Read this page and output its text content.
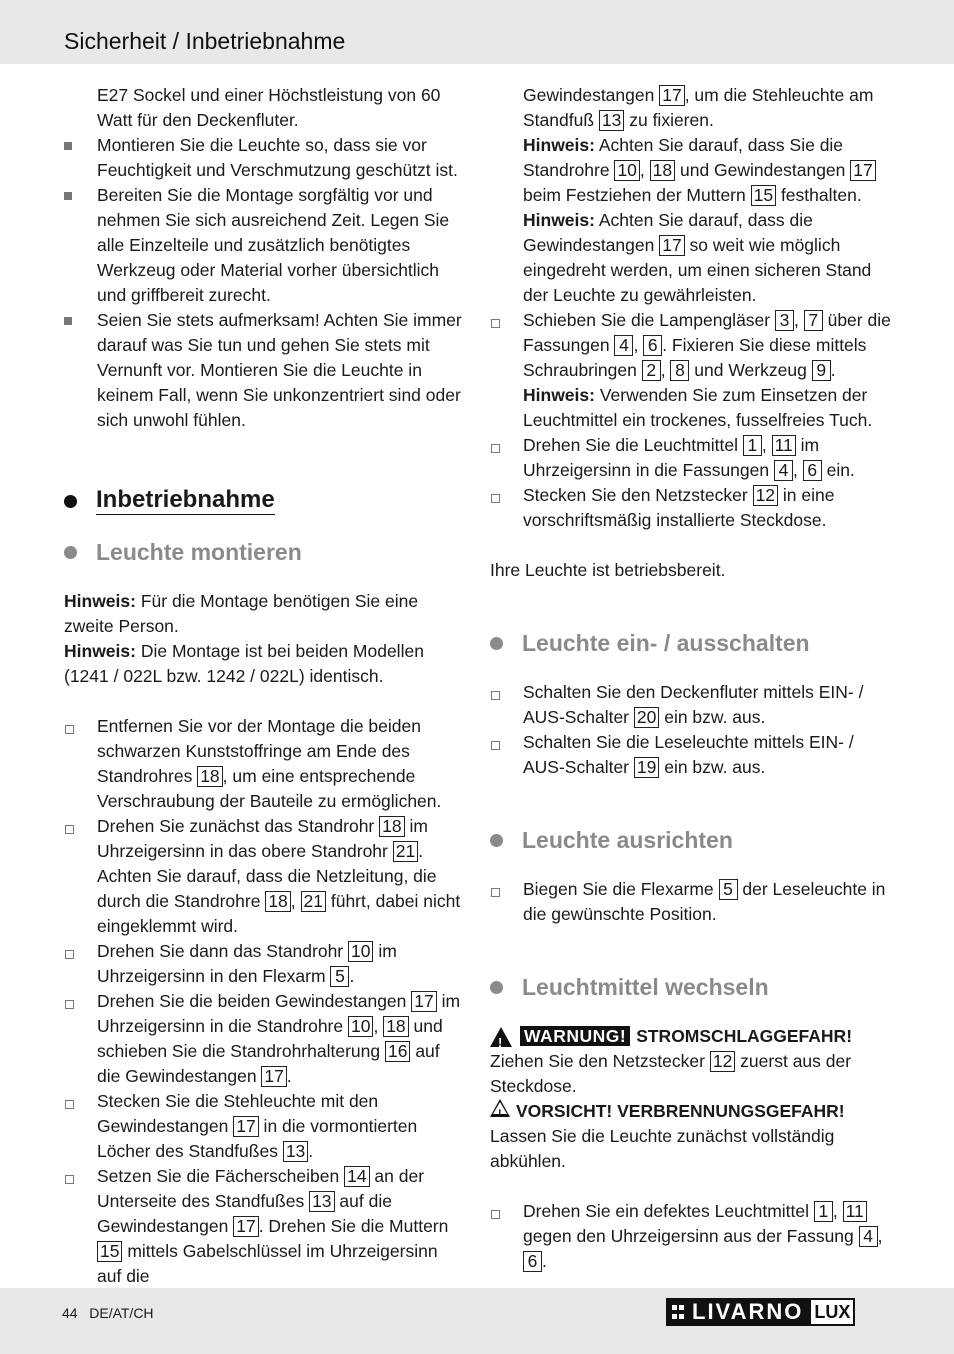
Sicherheit / Inbetriebnahme

E27 Sockel und einer Höchstleistung von 60 Watt für den Deckenfluter.

Montieren Sie die Leuchte so, dass sie vor Feuchtigkeit und Verschmutzung geschützt ist.
Bereiten Sie die Montage sorgfältig vor und nehmen Sie sich ausreichend Zeit. Legen Sie alle Einzelteile und zusätzlich benötigtes Werkzeug oder Material vorher übersichtlich und griffbereit zurecht.
Seien Sie stets aufmerksam! Achten Sie immer darauf was Sie tun und gehen Sie stets mit Vernunft vor. Montieren Sie die Leuchte in keinem Fall, wenn Sie unkonzentriert sind oder sich unwohl fühlen.
Inbetriebnahme
Leuchte montieren

Hinweis: Für die Montage benötigen Sie eine zweite Person.

Hinweis: Die Montage ist bei beiden Modellen (1241 / 022L bzw. 1242 / 022L) identisch.

Entfernen Sie vor der Montage die beiden schwarzen Kunststoffringe am Ende des Standrohres 18 , um eine entsprechende Verschraubung der Bauteile zu ermöglichen.
Drehen Sie zunächst das Standrohr 18 im Uhrzeigersinn in das obere Standrohr 21 . Achten Sie darauf, dass die Netzleitung, die durch die Standrohre 18 , 21 führt, dabei nicht eingeklemmt wird.
Drehen Sie dann das Standrohr 10 im Uhrzeigersinn in den Flexarm 5 .
Drehen Sie die beiden Gewindestangen 17 im Uhrzeigersinn in die Standrohre 10 , 18 und schieben Sie die Standrohrhalterung 16 auf die Gewindestangen 17 .
Stecken Sie die Stehleuchte mit den Gewindestangen 17 in die vormontierten Löcher des Standfußes 13 .
Setzen Sie die Fächerscheiben 14 an der Unterseite des Standfußes 13 auf die Gewindestangen 17 . Drehen Sie die Muttern 15 mittels Gabelschlüssel im Uhrzeigersinn auf die

Gewindestangen 17 , um die Stehleuchte am Standfuß 13 zu fixieren.

Hinweis: Achten Sie darauf, dass Sie die Standrohre 10 , 18 und Gewindestangen 17 beim Festziehen der Muttern 15 festhalten.

Hinweis: Achten Sie darauf, dass die Gewindestangen 17 so weit wie möglich eingedreht werden, um einen sicheren Stand der Leuchte zu gewährleisten.

Schieben Sie die Lampengläser 3 , 7 über die Fassungen 4 , 6 . Fixieren Sie diese mittels Schraubringen 2 , 8 und Werkzeug 9 .

Hinweis: Verwenden Sie zum Einsetzen der Leuchtmittel ein trockenes, fusselfreies Tuch.

Drehen Sie die Leuchtmittel 1 , 11 im Uhrzeigersinn in die Fassungen 4 , 6 ein.
Stecken Sie den Netzstecker 12 in eine vorschriftsmäßig installierte Steckdose.

Ihre Leuchte ist betriebsbereit.

Leuchte ein- / ausschalten
Schalten Sie den Deckenfluter mittels EIN- / AUS-Schalter 20 ein bzw. aus.
Schalten Sie die Leseleuchte mittels EIN- / AUS-Schalter 19 ein bzw. aus.
Leuchte ausrichten
Biegen Sie die Flexarme 5 der Leseleuchte in die gewünschte Position.
Leuchtmittel wechseln

!WARNUNG! STROMSCHLAGGEFAHR!

Ziehen Sie den Netzstecker 12 zuerst aus der Steckdose.

!VORSICHT! VERBRENNUNGSGEFAHR!

Lassen Sie die Leuchte zunächst vollständig abkühlen.

Drehen Sie ein defektes Leuchtmittel 1 , 11 gegen den Uhrzeigersinn aus der Fassung 4 , 6 .
44   DE/AT/CH	LIVARNO LUX
